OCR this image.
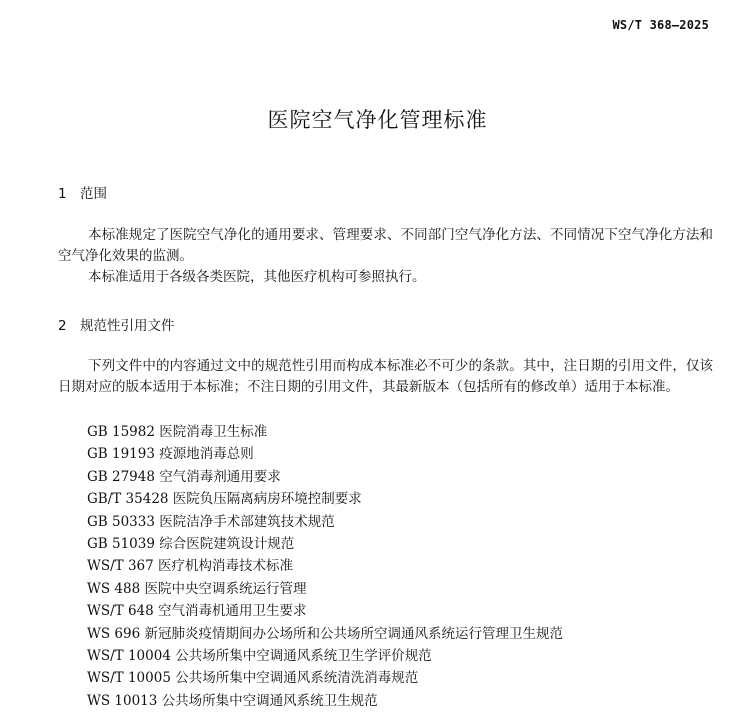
WS/T 368—2025
医院空气净化管理标准
1 范围

本标准规定了医院空气净化的通用要求、管理要求、不同部门空气净化方法、不同情况下空气净化方法和空气净化效果的监测。

本标准适用于各级各类医院，其他医疗机构可参照执行。

2 规范性引用文件

下列文件中的内容通过文中的规范性引用而构成本标准必不可少的条款。其中，注日期的引用文件，仅该日期对应的版本适用于本标准；不注日期的引用文件，其最新版本（包括所有的修改单）适用于本标准。

GB 15982 医院消毒卫生标准
GB 19193 疫源地消毒总则
GB 27948 空气消毒剂通用要求
GB/T 35428 医院负压隔离病房环境控制要求
GB 50333 医院洁净手术部建筑技术规范
GB 51039 综合医院建筑设计规范
WS/T 367 医疗机构消毒技术标准
WS 488 医院中央空调系统运行管理
WS/T 648 空气消毒机通用卫生要求
WS 696 新冠肺炎疫情期间办公场所和公共场所空调通风系统运行管理卫生规范
WS/T 10004 公共场所集中空调通风系统卫生学评价规范
WS/T 10005 公共场所集中空调通风系统清洗消毒规范
WS 10013 公共场所集中空调通风系统卫生规范
